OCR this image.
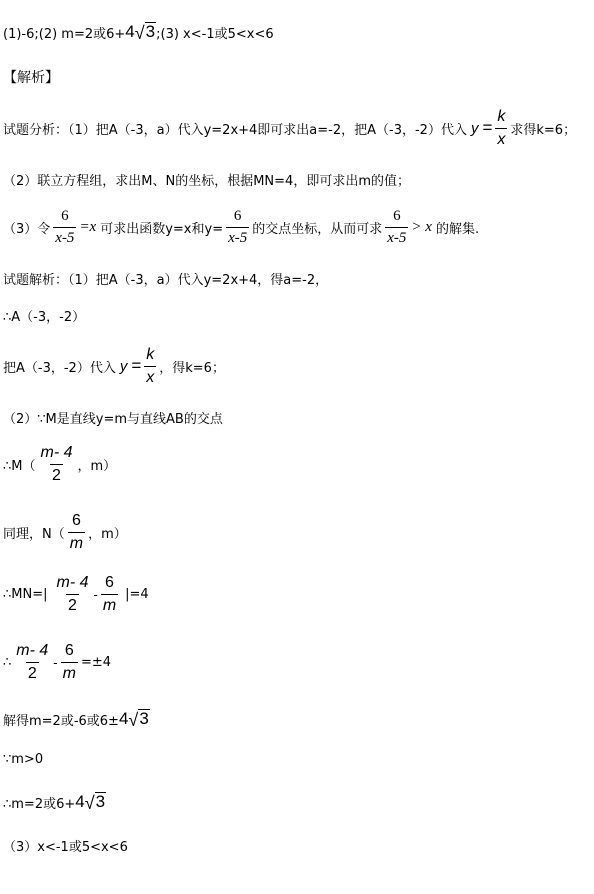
(1)-6;(2) m=2或6+ 4 √ 3 ;(3) x<-1或5<x<6
【解析】
试题分析：（1）把A（-3，a）代入y=2x+4即可求出a=-2，把A（-3，-2）代入 $y = \frac{k}{x}$ 求得k=6；
（2）联立方程组，求出M、N的坐标，根据MN=4，即可求出m的值；
（3）令 $\frac{6}{x-5} =x$ 可求出函数y=x和$y= \frac{6}{x-5}$ 的交点坐标，从而可求 $\frac{6}{x-5} > x$ 的解集.
试题解析：（1）把A（-3，a）代入y=2x+4，得a=-2，
∴A（-3，-2）
把A（-3，-2）代入 $y = \frac{k}{x}$ ，得k=6；
（2）∵M是直线y=m与直线AB的交点
∴M（ $\frac{m- 4}{2}$ ，m）
同理，$N( \frac{6}{m}$ ，m）
∴MN=| $\frac{m- 4}{2} - \frac{6}{m} |=4$
∴ $\frac{m- 4}{2} - \frac{6}{m} =\pm 4$
解得m=2或-6或6± 4 √ 3
∵m>0
∴m=2或6+ 4 √ 3
（3）x<-1或5<x<6
